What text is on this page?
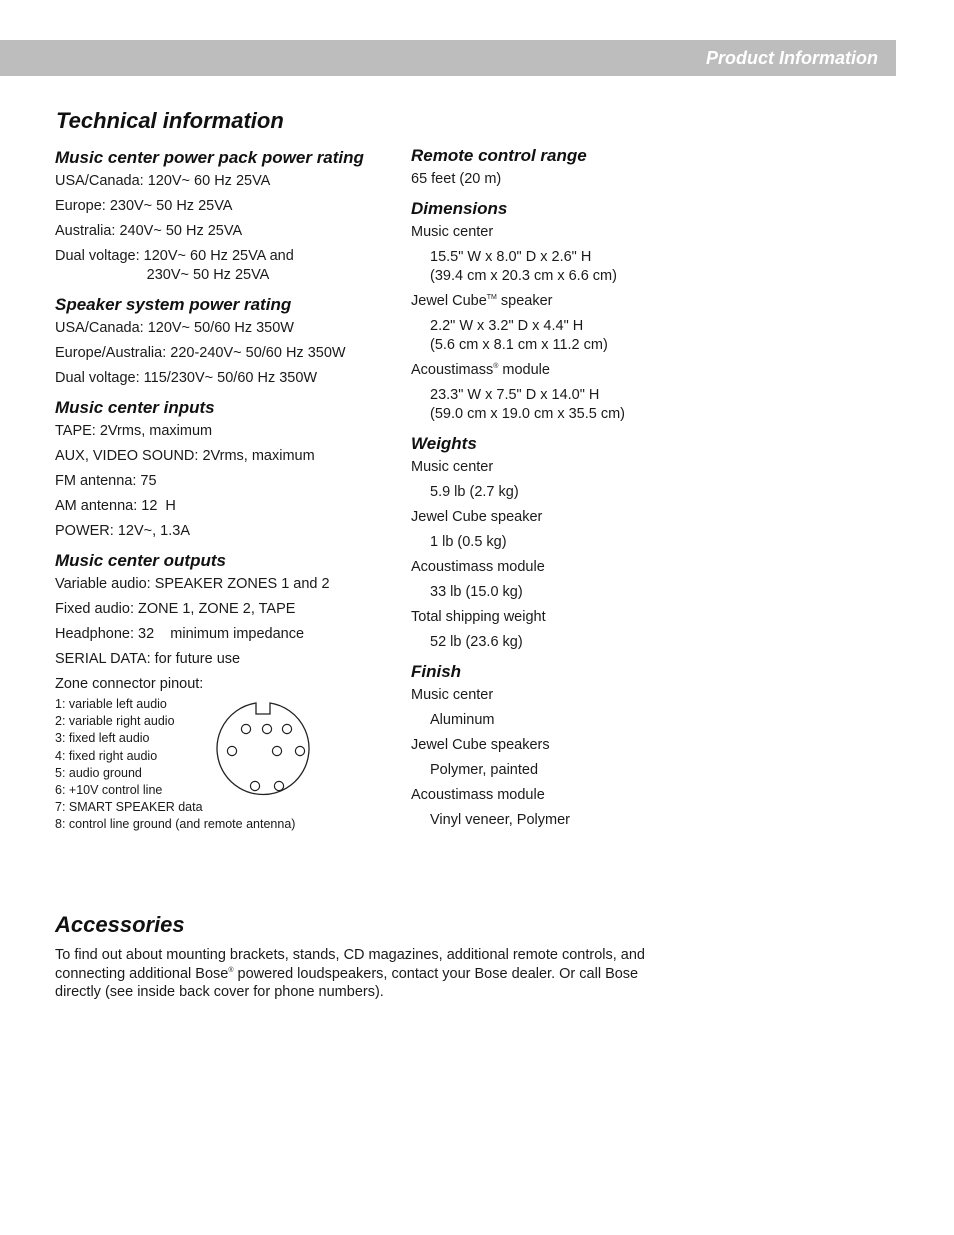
Product Information
Technical information
Music center power pack power rating

USA/Canada: 120V~ 60 Hz 25VA

Europe: 230V~ 50 Hz 25VA

Australia: 240V~ 50 Hz 25VA

Dual voltage: 120V~ 60 Hz 25VA and
230V~ 50 Hz 25VA
Speaker system power rating

USA/Canada: 120V~ 50/60 Hz 350W

Europe/Australia: 220-240V~ 50/60 Hz 350W

Dual voltage: 115/230V~ 50/60 Hz 350W

Music center inputs

TAPE: 2Vrms, maximum

AUX, VIDEO SOUND: 2Vrms, maximum

FM antenna: 75

AM antenna: 12  H

POWER: 12V~, 1.3A

Music center outputs

Variable audio: SPEAKER ZONES 1 and 2

Fixed audio: ZONE 1, ZONE 2, TAPE

Headphone: 32    minimum impedance

SERIAL DATA: for future use

Zone connector pinout:

1: variable left audio
2: variable right audio
3: fixed left audio
4: fixed right audio
5: audio ground
6: +10V control line
7: SMART SPEAKER data
8: control line ground (and remote antenna)
Remote control range

65 feet (20 m)

Dimensions

Music center

15.5" W x 8.0" D x 2.6" H
(39.4 cm x 20.3 cm x 6.6 cm)

Jewel Cube™ speaker

2.2" W x 3.2" D x 4.4" H
(5.6 cm x 8.1 cm x 11.2 cm)

Acoustimass® module

23.3" W x 7.5" D x 14.0" H
(59.0 cm x 19.0 cm x 35.5 cm)
Weights

Music center

5.9 lb (2.7 kg)

Jewel Cube speaker

1 lb (0.5 kg)

Acoustimass module

33 lb (15.0 kg)

Total shipping weight

52 lb (23.6 kg)

Finish

Music center

Aluminum

Jewel Cube speakers

Polymer, painted

Acoustimass module

Vinyl veneer, Polymer

Accessories

To find out about mounting brackets, stands, CD magazines, additional remote controls, and connecting additional Bose® powered loudspeakers, contact your Bose dealer. Or call Bose directly (see inside back cover for phone numbers).
